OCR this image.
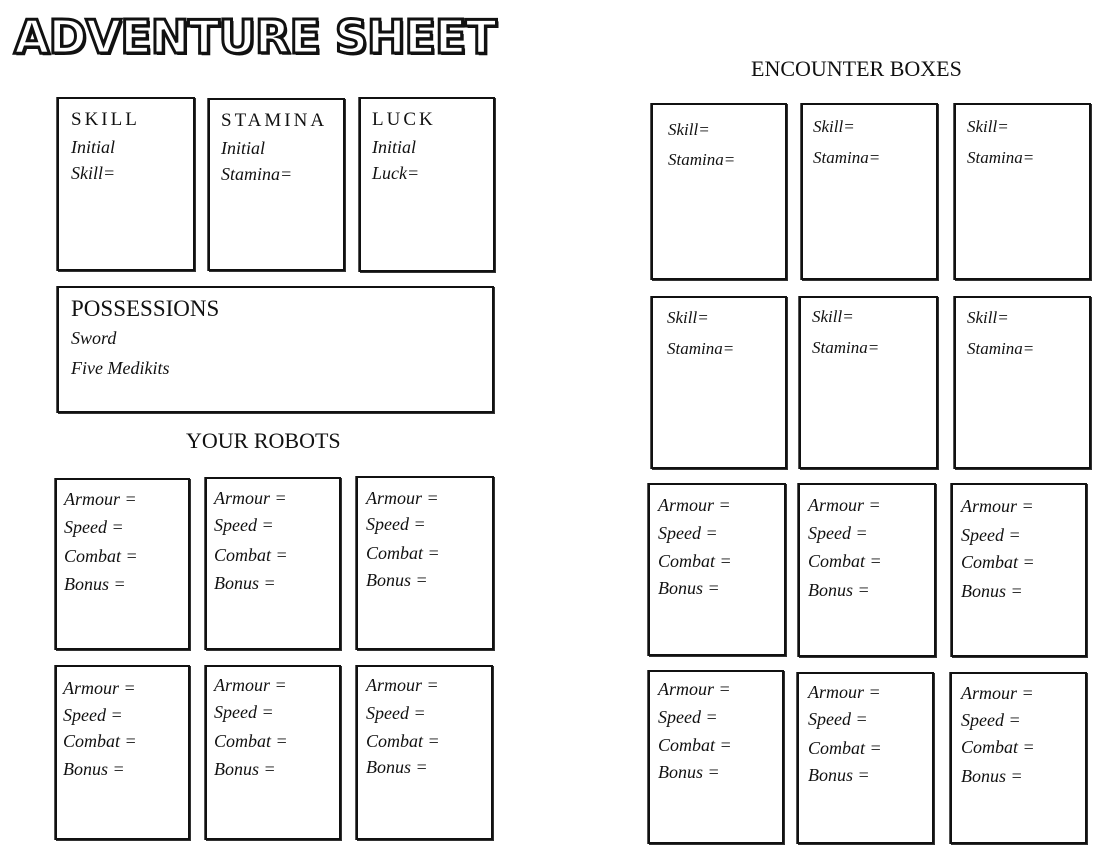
ADVENTURE SHEET
SKILL
Initial
Skill=
STAMINA
Initial
Stamina=
LUCK
Initial
Luck=
POSSESSIONS
Sword
Five Medikits
YOUR ROBOTS
Armour =
Speed =
Combat =
Bonus =
Armour =
Speed =
Combat =
Bonus =
Armour =
Speed =
Combat =
Bonus =
Armour =
Speed =
Combat =
Bonus =
Armour =
Speed =
Combat =
Bonus =
Armour =
Speed =
Combat =
Bonus =
ENCOUNTER BOXES
Skill=
Stamina=
Skill=
Stamina=
Skill=
Stamina=
Skill=
Stamina=
Skill=
Stamina=
Skill=
Stamina=
Armour =
Speed =
Combat =
Bonus =
Armour =
Speed =
Combat =
Bonus =
Armour =
Speed =
Combat =
Bonus =
Armour =
Speed =
Combat =
Bonus =
Armour =
Speed =
Combat =
Bonus =
Armour =
Speed =
Combat =
Bonus =
